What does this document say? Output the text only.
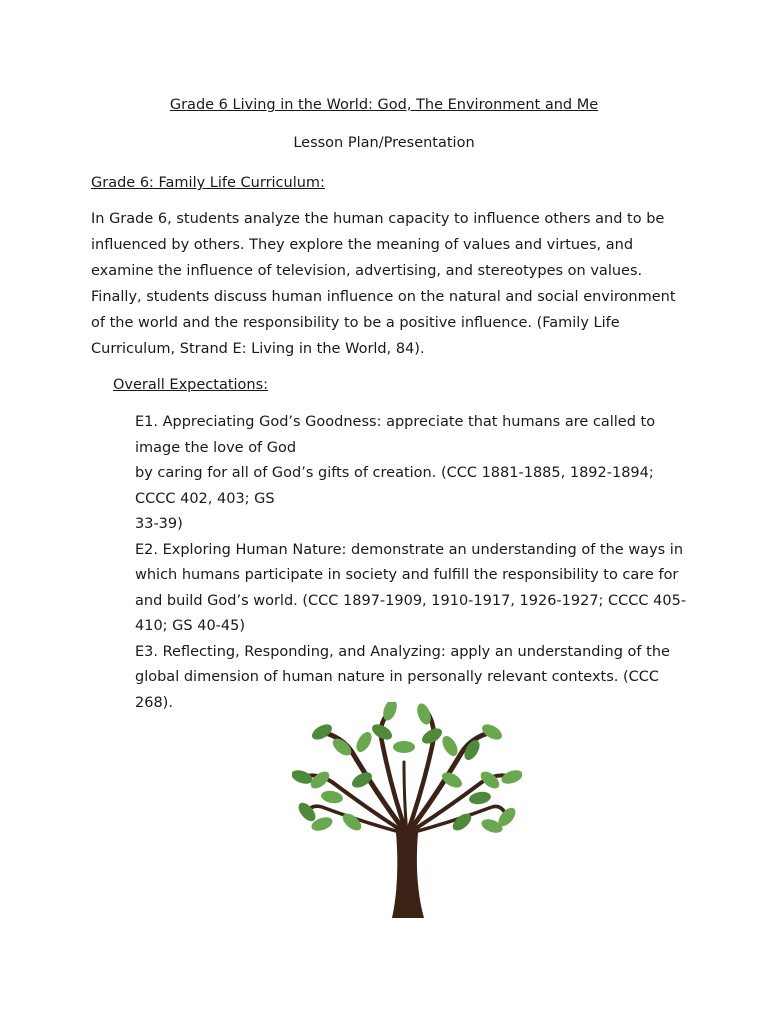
Grade 6 Living in the World: God, The Environment and Me

Lesson Plan/Presentation

Grade 6: Family Life Curriculum:

In Grade 6, students analyze the human capacity to influence others and to be influenced by others. They explore the meaning of values and virtues, and examine the influence of television, advertising, and stereotypes on values. Finally, students discuss human influence on the natural and social environment of the world and the responsibility to be a positive influence. (Family Life Curriculum, Strand E: Living in the World, 84).

Overall Expectations:
E1. Appreciating God’s Goodness: appreciate that humans are called to
image the love of God
by caring for all of God’s gifts of creation. (CCC 1881-1885, 1892-1894;
CCCC 402, 403; GS
33-39)
E2. Exploring Human Nature: demonstrate an understanding of the ways in which humans participate in society and fulfill the responsibility to care for and build God’s world. (CCC 1897-1909, 1910-1917, 1926-1927; CCCC 405-410; GS 40-45)
E3. Reflecting, Responding, and Analyzing: apply an understanding of the global dimension of human nature in personally relevant contexts. (CCC 268).
